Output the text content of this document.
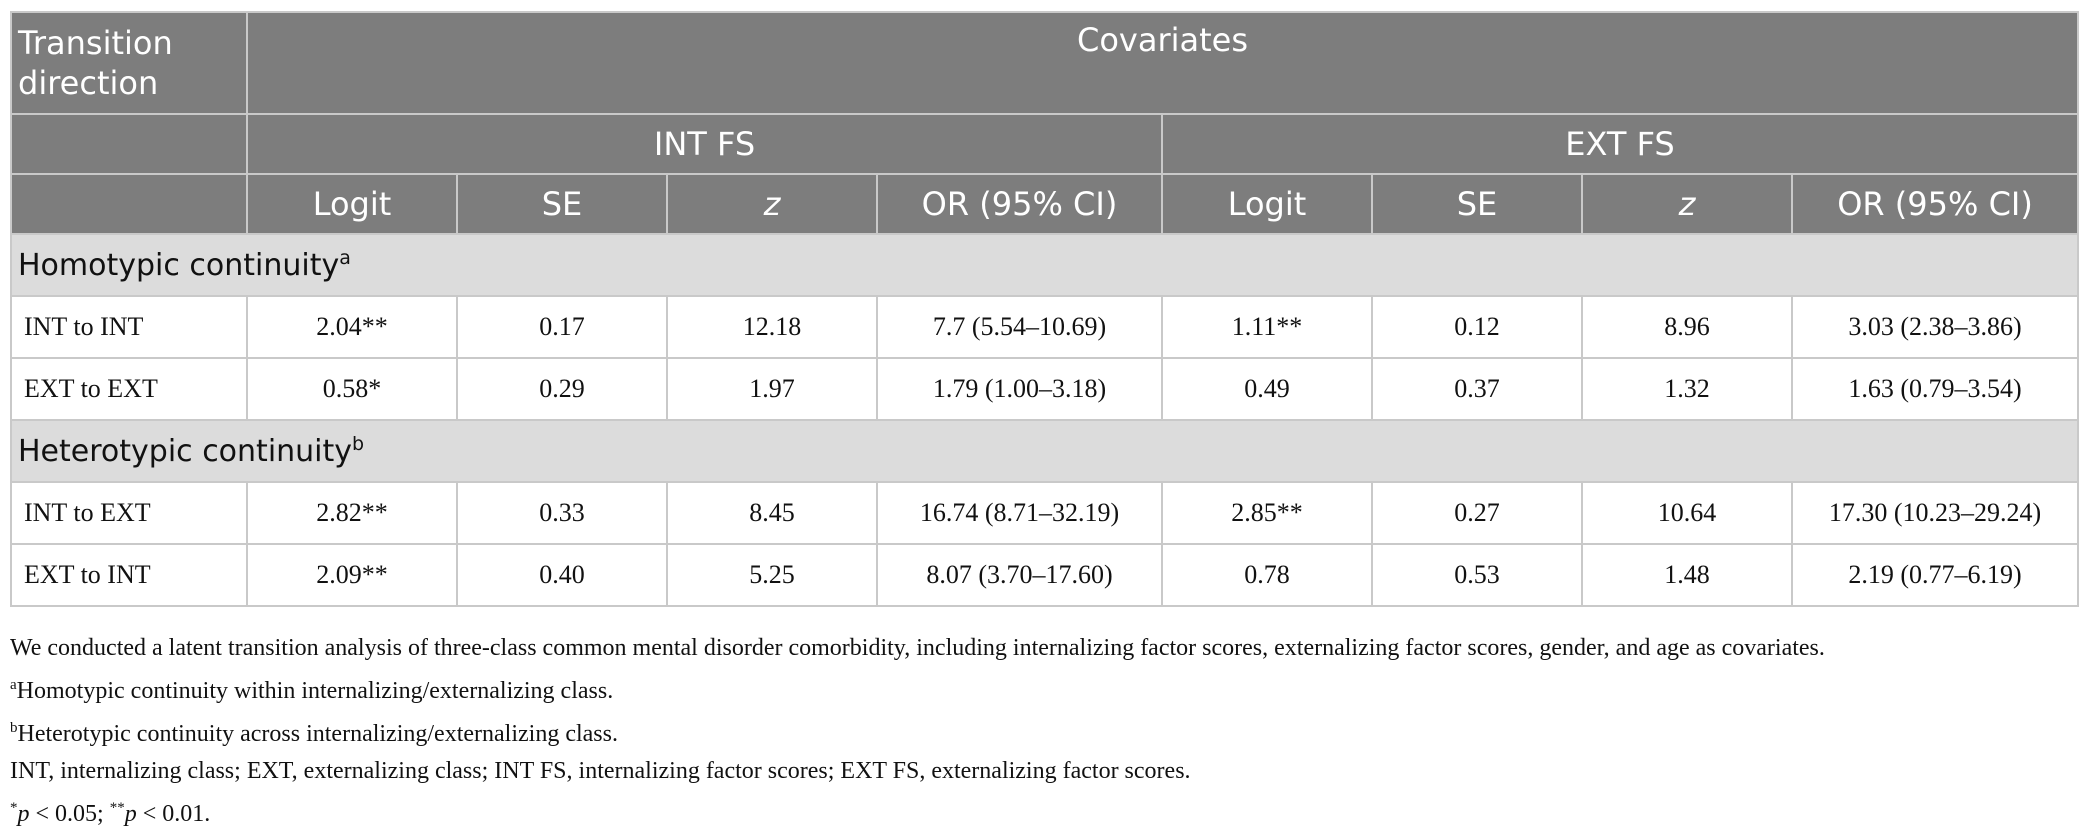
Transition direction	Covariates							
	INT FS				EXT FS			
	Logit	SE	z	OR (95% CI)	Logit	SE	z	OR (95% CI)
Homotypic continuity$^a$
INT to INT	2.04**	0.17	12.18	7.7 (5.54–10.69)	1.11**	0.12	8.96	3.03 (2.38–3.86)
EXT to EXT	0.58*	0.29	1.97	1.79 (1.00–3.18)	0.49	0.37	1.32	1.63 (0.79–3.54)
Heterotypic continuity$^b$
INT to EXT	2.82**	0.33	8.45	16.74 (8.71–32.19)	2.85**	0.27	10.64	17.30 (10.23–29.24)
EXT to INT	2.09**	0.40	5.25	8.07 (3.70–17.60)	0.78	0.53	1.48	2.19 (0.77–6.19)
We conducted a latent transition analysis of three-class common mental disorder comorbidity, including internalizing factor scores, externalizing factor scores, gender, and age as covariates.
$^a$Homotypic continuity within internalizing/externalizing class.
$^b$Heterotypic continuity across internalizing/externalizing class.
INT, internalizing class; EXT, externalizing class; INT FS, internalizing factor scores; EXT FS, externalizing factor scores.
*p < 0.05; **p < 0.01.
